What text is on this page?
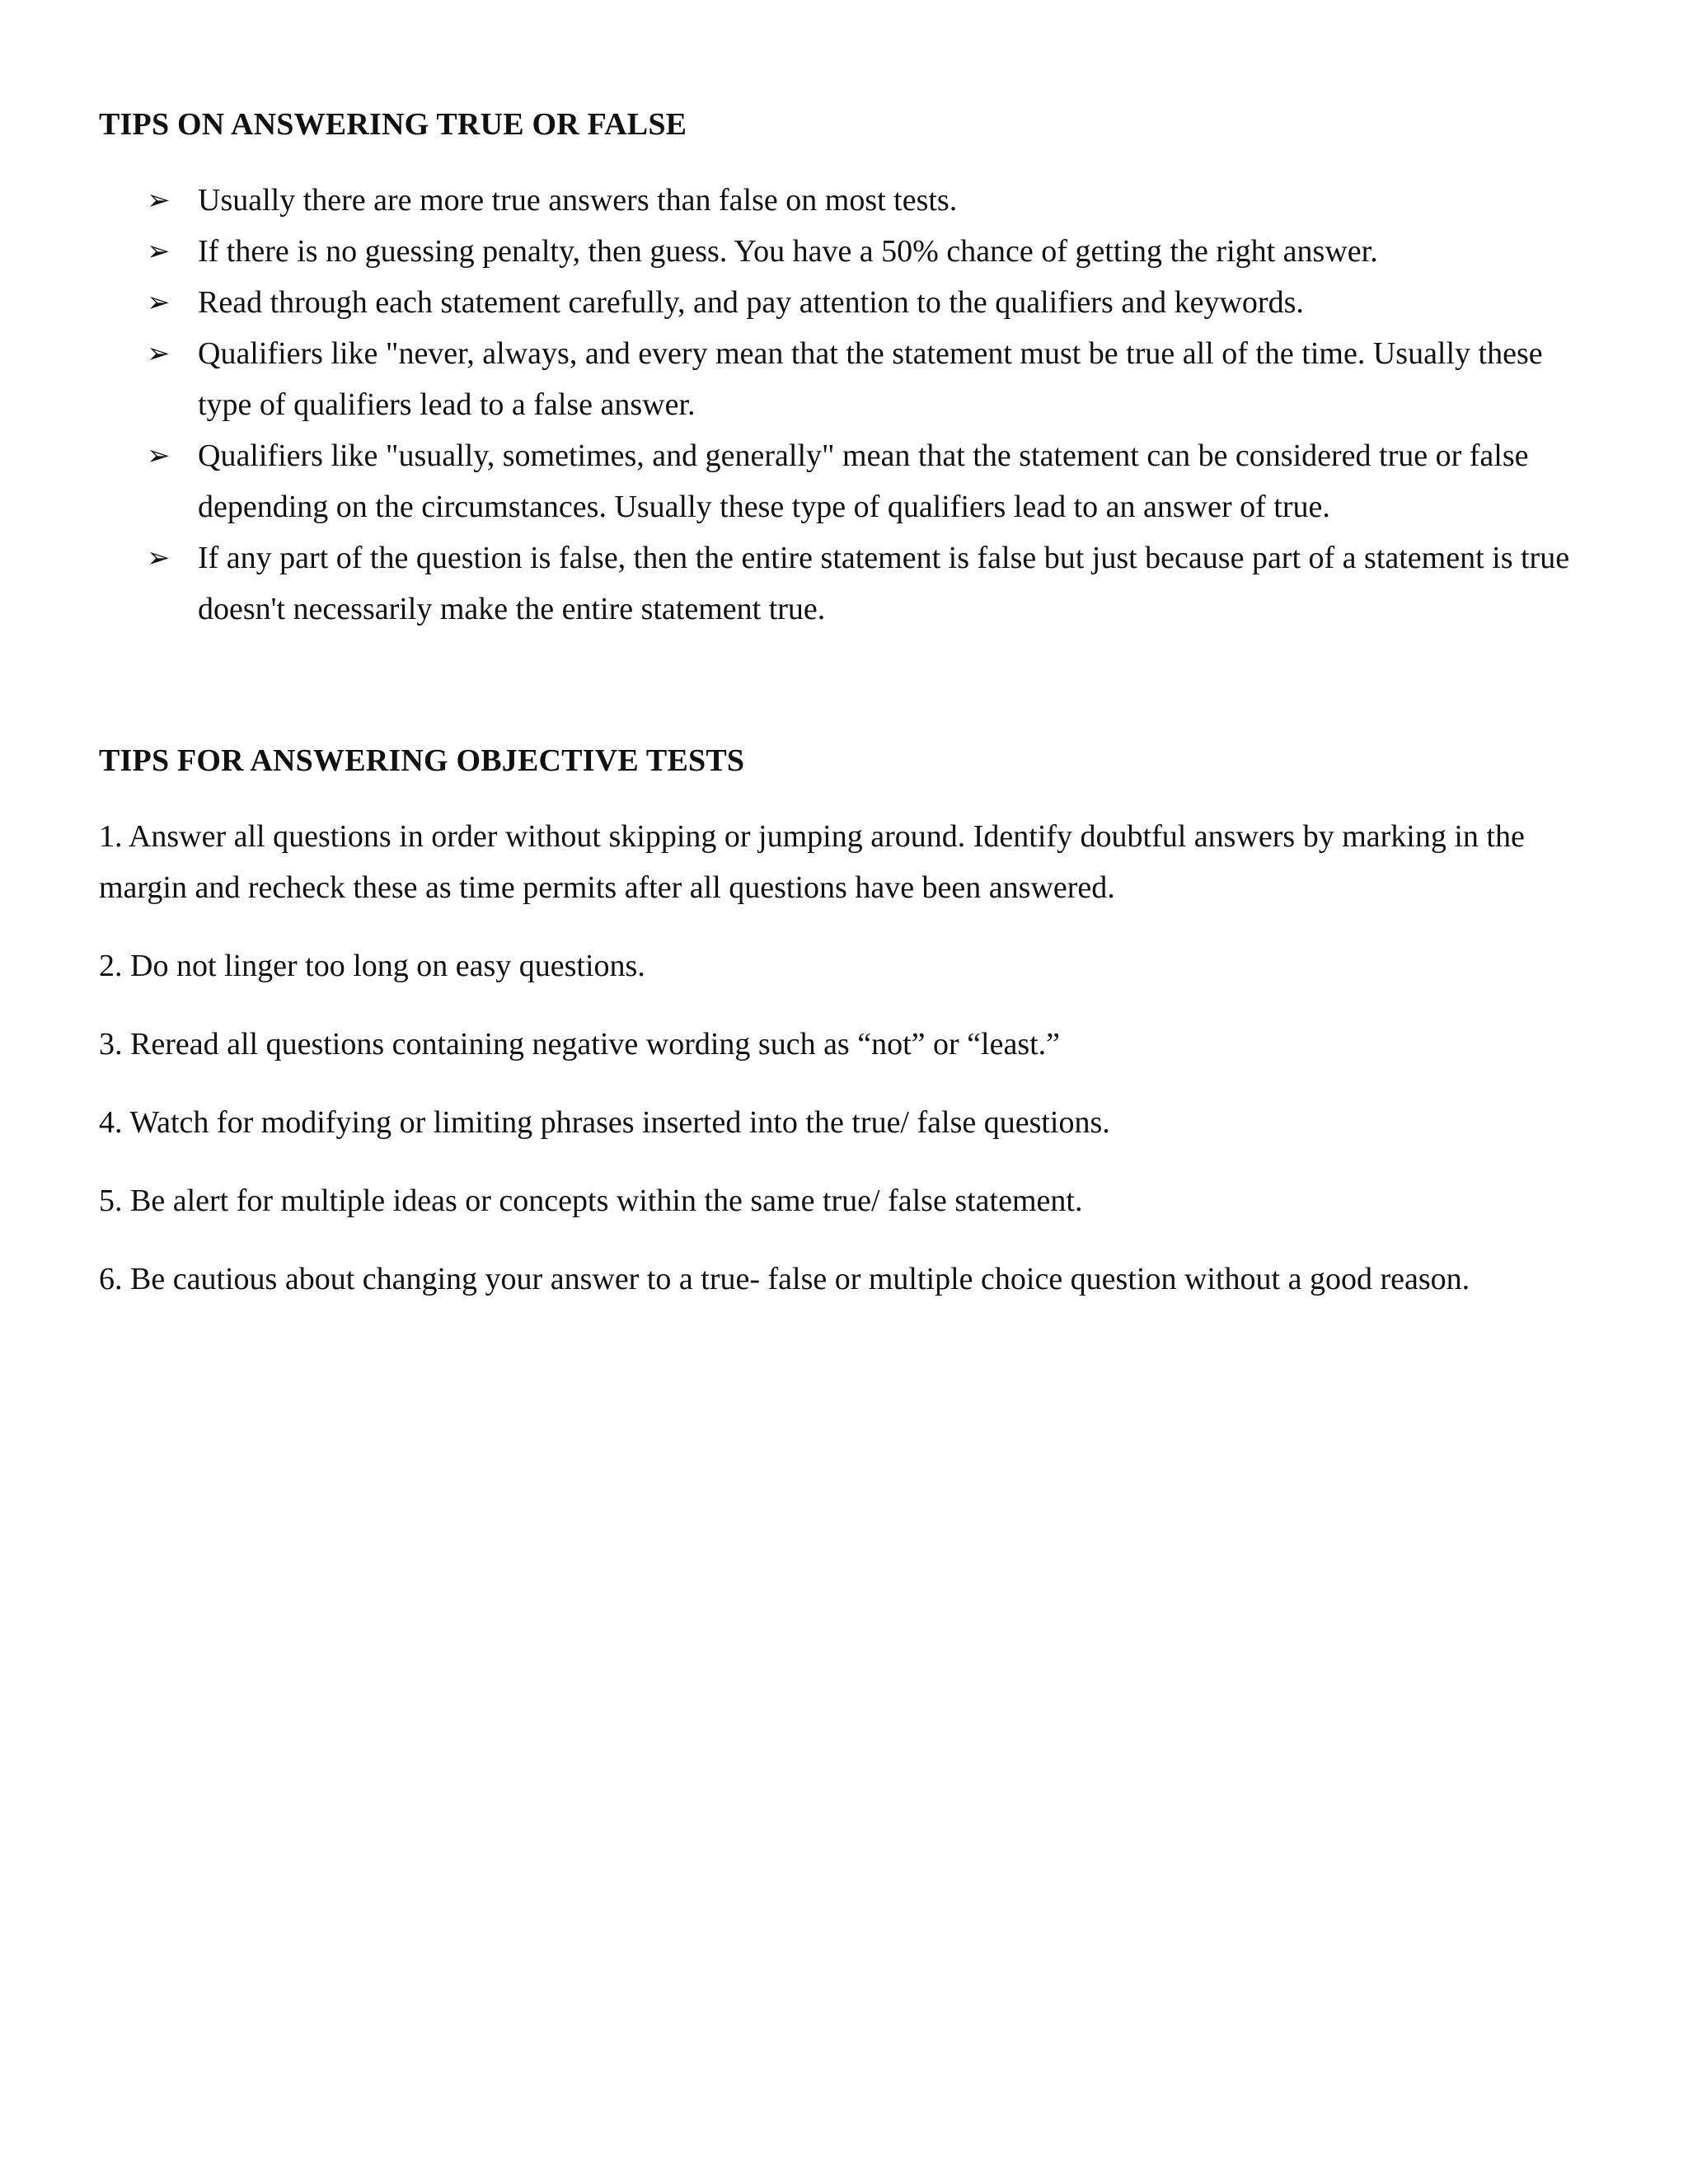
TIPS ON ANSWERING TRUE OR FALSE
➢ Usually there are more true answers than false on most tests.
➢ If there is no guessing penalty, then guess. You have a 50% chance of getting the right answer.
➢ Read through each statement carefully, and pay attention to the qualifiers and keywords.
➢ Qualifiers like "never, always, and every mean that the statement must be true all of the time. Usually these type of qualifiers lead to a false answer.
➢ Qualifiers like "usually, sometimes, and generally" mean that the statement can be considered true or false depending on the circumstances. Usually these type of qualifiers lead to an answer of true.
➢ If any part of the question is false, then the entire statement is false but just because part of a statement is true doesn't necessarily make the entire statement true.
TIPS FOR ANSWERING OBJECTIVE TESTS

1. Answer all questions in order without skipping or jumping around. Identify doubtful answers by marking in the margin and recheck these as time permits after all questions have been answered.

2. Do not linger too long on easy questions.

3. Reread all questions containing negative wording such as “not” or “least.”

4. Watch for modifying or limiting phrases inserted into the true/ false questions.

5. Be alert for multiple ideas or concepts within the same true/ false statement.

6. Be cautious about changing your answer to a true- false or multiple choice question without a good reason.
